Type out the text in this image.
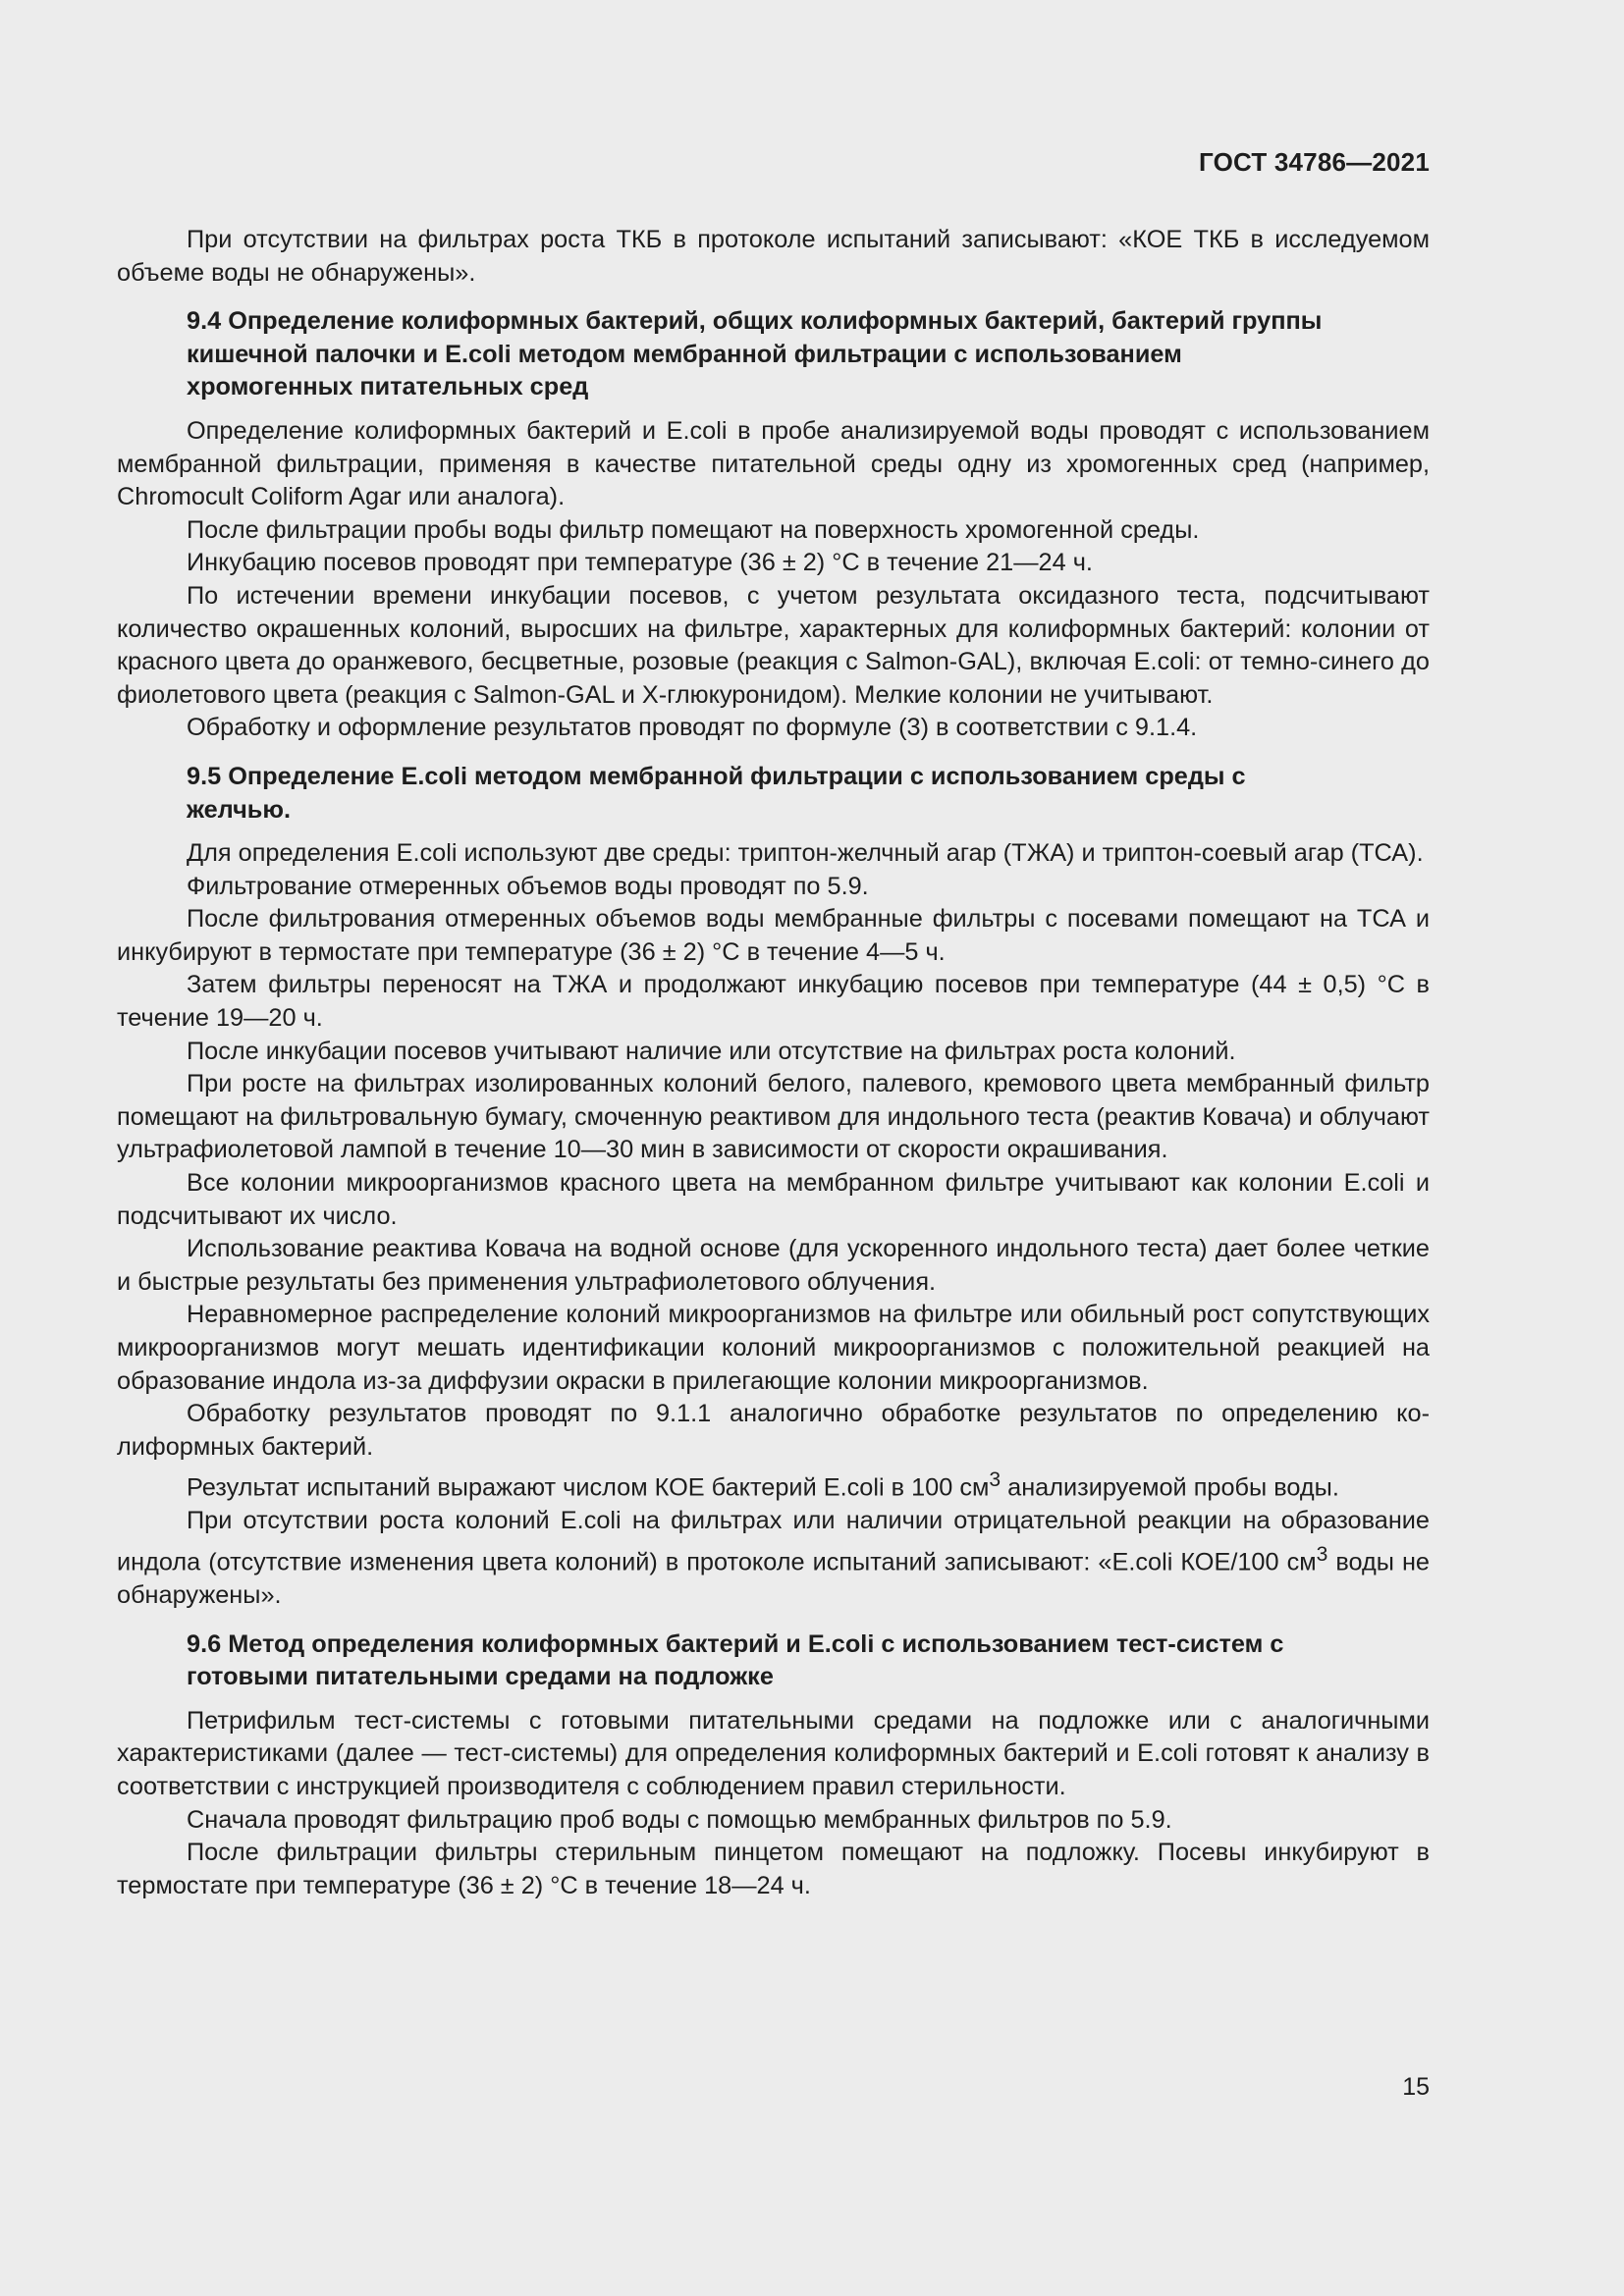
ГОСТ 34786—2021

При отсутствии на фильтрах роста ТКБ в протоколе испытаний записывают: «КОЕ ТКБ в исследуемом объеме воды не обнаружены».

9.4 Определение колиформных бактерий, общих колиформных бактерий, бактерий группы кишечной палочки и E.coli методом мембранной фильтрации с использованием хромогенных питательных сред

Определение колиформных бактерий и E.coli в пробе анализируемой воды проводят с использованием мембранной фильтрации, применяя в качестве питательной среды одну из хромогенных сред (например, Chromocult Coliform Agar или аналога).

После фильтрации пробы воды фильтр помещают на поверхность хромогенной среды.

Инкубацию посевов проводят при температуре (36 ± 2) °С в течение 21—24 ч.

По истечении времени инкубации посевов, с учетом результата оксидазного теста, подсчитывают количество окрашенных колоний, выросших на фильтре, характерных для колиформных бактерий: колонии от красного цвета до оранжевого, бесцветные, розовые (реакция с Salmon-GAL), включая E.coli: от темно-синего до фиолетового цвета (реакция с Salmon-GAL и X-глюкуронидом). Мелкие колонии не учитывают.

Обработку и оформление результатов проводят по формуле (3) в соответствии с 9.1.4.

9.5 Определение E.coli методом мембранной фильтрации с использованием среды с желчью.

Для определения E.coli используют две среды: триптон-желчный агар (ТЖА) и триптон-соевый агар (ТСА).

Фильтрование отмеренных объемов воды проводят по 5.9.

После фильтрования отмеренных объемов воды мембранные фильтры с посевами помещают на ТСА и инкубируют в термостате при температуре (36 ± 2) °С в течение 4—5 ч.

Затем фильтры переносят на ТЖА и продолжают инкубацию посевов при температуре (44 ± 0,5) °С в течение 19—20 ч.

После инкубации посевов учитывают наличие или отсутствие на фильтрах роста колоний.

При росте на фильтрах изолированных колоний белого, палевого, кремового цвета мембранный фильтр помещают на фильтровальную бумагу, смоченную реактивом для индольного теста (реактив Ковача) и облучают ультрафиолетовой лампой в течение 10—30 мин в зависимости от скорости окрашивания.

Все колонии микроорганизмов красного цвета на мембранном фильтре учитывают как колонии E.coli и подсчитывают их число.

Использование реактива Ковача на водной основе (для ускоренного индольного теста) дает более четкие и быстрые результаты без применения ультрафиолетового облучения.

Неравномерное распределение колоний микроорганизмов на фильтре или обильный рост сопутствующих микроорганизмов могут мешать идентификации колоний микроорганизмов с положительной реакцией на образование индола из-за диффузии окраски в прилегающие колонии микроорганизмов.

Обработку результатов проводят по 9.1.1 аналогично обработке результатов по определению колиформных бактерий.

Результат испытаний выражают числом КОЕ бактерий E.coli в 100 $см^3$ анализируемой пробы воды.

При отсутствии роста колоний E.coli на фильтрах или наличии отрицательной реакции на образование индола (отсутствие изменения цвета колоний) в протоколе испытаний записывают: «E.coli КОЕ/100 $см^3$ воды не обнаружены».

9.6 Метод определения колиформных бактерий и E.coli с использованием тест-систем с готовыми питательными средами на подложке

Петрифильм тест-системы с готовыми питательными средами на подложке или с аналогичными характеристиками (далее — тест-системы) для определения колиформных бактерий и E.coli готовят к анализу в соответствии с инструкцией производителя с соблюдением правил стерильности.

Сначала проводят фильтрацию проб воды с помощью мембранных фильтров по 5.9.

После фильтрации фильтры стерильным пинцетом помещают на подложку. Посевы инкубируют в термостате при температуре (36 ± 2) °С в течение 18—24 ч.

15
